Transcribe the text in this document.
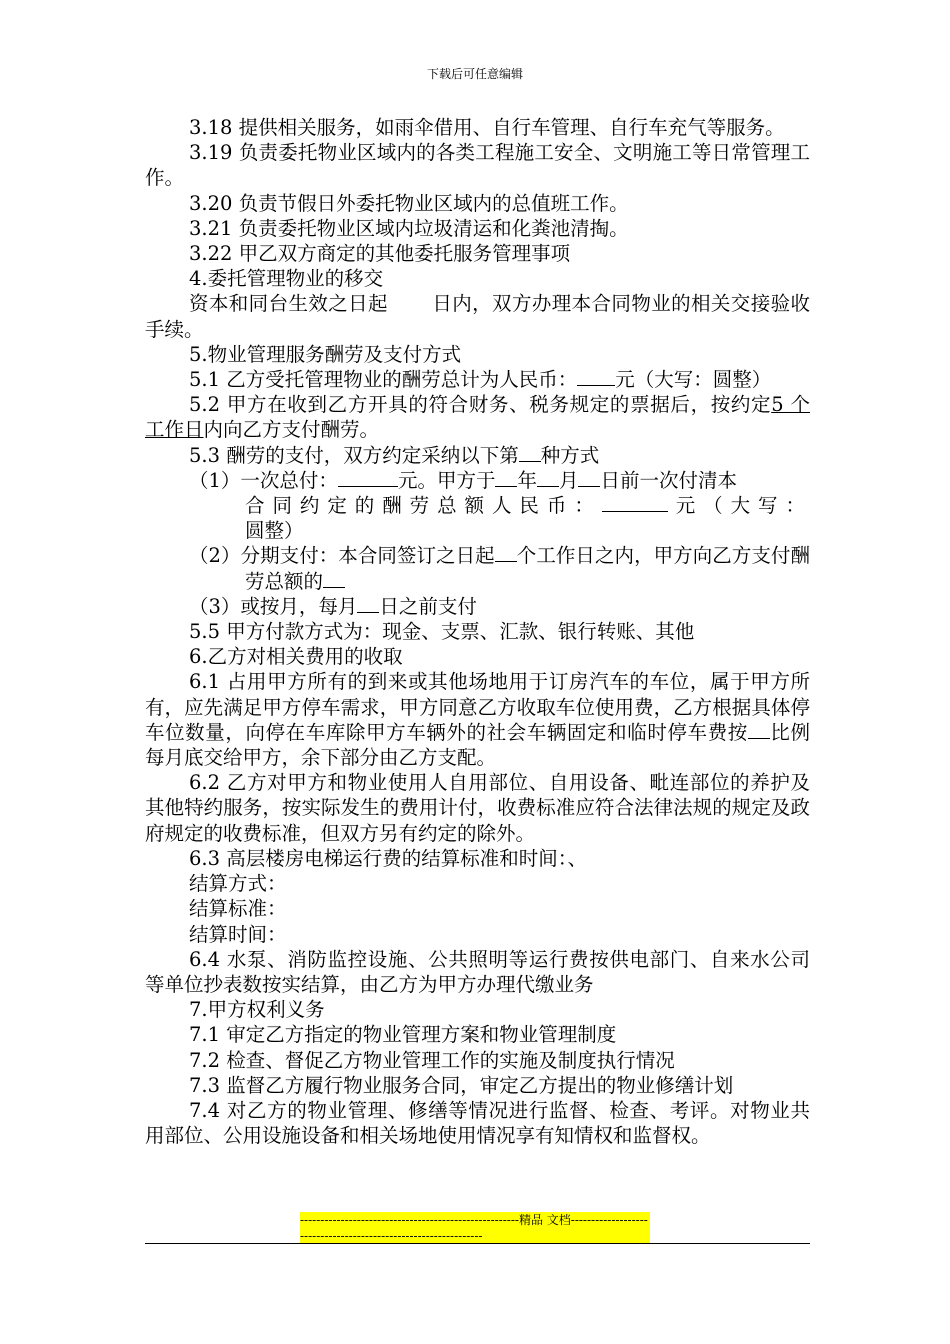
下载后可任意编辑

3.18 提供相关服务，如雨伞借用、自行车管理、自行车充气等服务。

3.19 负责委托物业区域内的各类工程施工安全、文明施工等日常管理工作。

3.20 负责节假日外委托物业区域内的总值班工作。

3.21 负责委托物业区域内垃圾清运和化粪池清掏。

3.22 甲乙双方商定的其他委托服务管理事项

4.委托管理物业的移交

资本和同台生效之日起 日内，双方办理本合同物业的相关交接验收手续。

5.物业管理服务酬劳及支付方式

5.1 乙方受托管理物业的酬劳总计为人民币： 元（大写：圆整）

5.2 甲方在收到乙方开具的符合财务、税务规定的票据后，按约定5 个工作日内向乙方支付酬劳。

5.3 酬劳的支付，双方约定采纳以下第 种方式

（1）一次总付：	元。甲方于 年 月 日前一次付清本
合同约定的酬劳总额人民币：	元（大写：
圆整）

（2）分期支付：本合同签订之日起 个工作日之内，甲方向乙方支付酬劳总额的

（3）或按月，每月 日之前支付

5.5 甲方付款方式为：现金、支票、汇款、银行转账、其他

6.乙方对相关费用的收取

6.1 占用甲方所有的到来或其他场地用于订房汽车的车位，属于甲方所有，应先满足甲方停车需求，甲方同意乙方收取车位使用费，乙方根据具体停车位数量，向停在车库除甲方车辆外的社会车辆固定和临时停车费按 比例每月底交给甲方，余下部分由乙方支配。

6.2 乙方对甲方和物业使用人自用部位、自用设备、毗连部位的养护及其他特约服务，按实际发生的费用计付，收费标准应符合法律法规的规定及政府规定的收费标准，但双方另有约定的除外。

6.3 高层楼房电梯运行费的结算标准和时间：、

结算方式：

结算标准：

结算时间：

6.4 水泵、消防监控设施、公共照明等运行费按供电部门、自来水公司等单位抄表数按实结算，由乙方为甲方办理代缴业务

7.甲方权利义务

7.1 审定乙方指定的物业管理方案和物业管理制度

7.2 检查、督促乙方物业管理工作的实施及制度执行情况

7.3 监督乙方履行物业服务合同，审定乙方提出的物业修缮计划

7.4 对乙方的物业管理、修缮等情况进行监督、检查、考评。对物业共用部位、公用设施设备和相关场地使用情况享有知情权和监督权。

------------------------------------------------------精品 文档----------------------------------------------------------------
